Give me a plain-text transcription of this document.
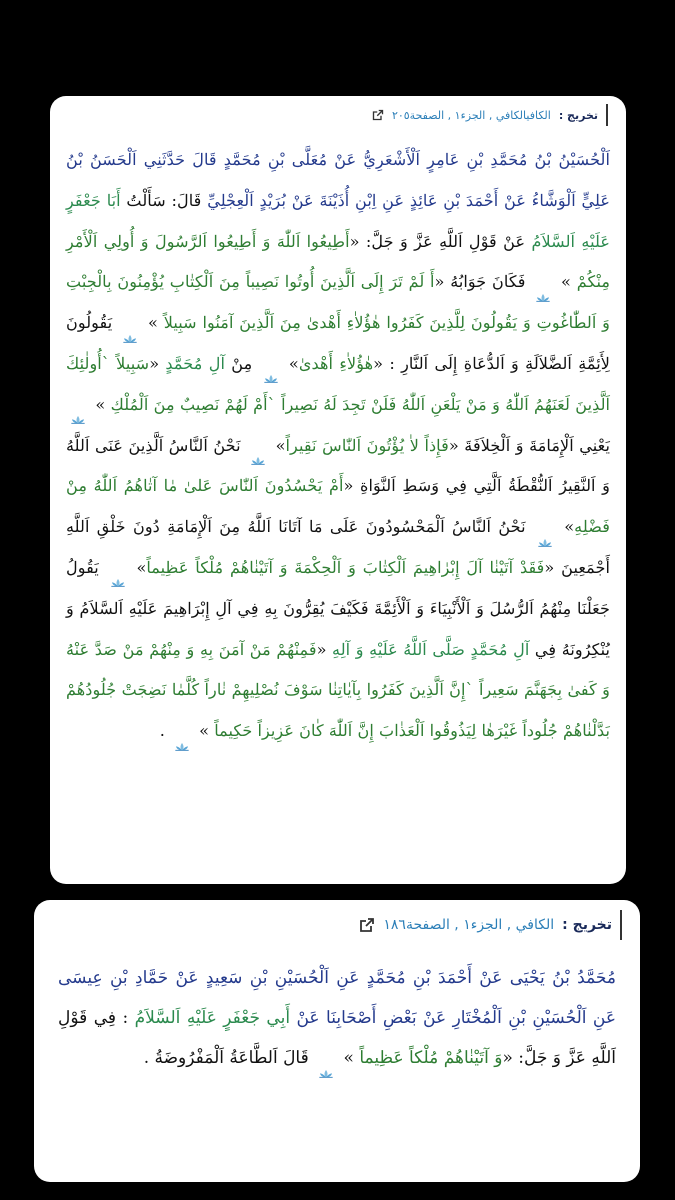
تخريج :
الكافيالكافي , الجزء١ , الصفحة٢٠٥
اَلْحُسَيْنُ بْنُ مُحَمَّدِ بْنِ عَامِرٍ اَلْأَشْعَرِيُّ عَنْ مُعَلَّى بْنِ مُحَمَّدٍ قَالَ حَدَّثَنِي اَلْحَسَنُ بْنُ عَلِيٍّ اَلْوَشَّاءُ عَنْ أَحْمَدَ بْنِ عَائِذٍ عَنِ اِبْنِ أُذَيْنَةَ عَنْ بُرَيْدٍ اَلْعِجْلِيِّ قَالَ: سَأَلْتُ أَبَا جَعْفَرٍ عَلَيْهِ اَلسَّلاَمُ عَنْ قَوْلِ اَللَّهِ عَزَّ وَ جَلَّ: «أَطِيعُوا اَللّٰهَ وَ أَطِيعُوا اَلرَّسُولَ وَ أُولِي اَلْأَمْرِ مِنْكُمْ »  فَكَانَ جَوَابُهُ «أَ لَمْ تَرَ إِلَى اَلَّذِينَ أُوتُوا نَصِيباً مِنَ اَلْكِتٰابِ يُؤْمِنُونَ بِالْجِبْتِ وَ اَلطّٰاغُوتِ وَ يَقُولُونَ لِلَّذِينَ كَفَرُوا هٰؤُلاٰءِ أَهْدىٰ مِنَ اَلَّذِينَ آمَنُوا سَبِيلاً »  يَقُولُونَ لِأَئِمَّةِ اَلضَّلاَلَةِ وَ اَلدُّعَاةِ إِلَى اَلنَّارِ : «هٰؤُلاٰءِ أَهْدىٰ»  مِنْ آلِ مُحَمَّدٍ «سَبِيلاً `أُولٰئِكَ اَلَّذِينَ لَعَنَهُمُ اَللّٰهُ وَ مَنْ يَلْعَنِ اَللّٰهُ فَلَنْ تَجِدَ لَهُ نَصِيراً `أَمْ لَهُمْ نَصِيبٌ مِنَ اَلْمُلْكِ »  يَعْنِي اَلْإِمَامَةَ وَ اَلْخِلاَفَةَ «فَإِذاً لاٰ يُؤْتُونَ اَلنّٰاسَ نَقِيراً»  نَحْنُ اَلنَّاسُ اَلَّذِينَ عَنَى اَللَّهُ وَ اَلنَّقِيرُ اَلنُّقْطَةُ اَلَّتِي فِي وَسَطِ اَلنَّوَاةِ «أَمْ يَحْسُدُونَ اَلنّٰاسَ عَلىٰ مٰا آتٰاهُمُ اَللّٰهُ مِنْ فَضْلِهِ»  نَحْنُ اَلنَّاسُ اَلْمَحْسُودُونَ عَلَى مَا آتَانَا اَللَّهُ مِنَ اَلْإِمَامَةِ دُونَ خَلْقِ اَللَّهِ أَجْمَعِينَ «فَقَدْ آتَيْنٰا آلَ إِبْرٰاهِيمَ اَلْكِتٰابَ وَ اَلْحِكْمَةَ وَ آتَيْنٰاهُمْ مُلْكاً عَظِيماً»  يَقُولُ جَعَلْنَا مِنْهُمُ اَلرُّسُلَ وَ اَلْأَنْبِيَاءَ وَ اَلْأَئِمَّةَ فَكَيْفَ يُقِرُّونَ بِهِ فِي آلِ إِبْرَاهِيمَ عَلَيْهِ اَلسَّلاَمُ وَ يُنْكِرُونَهُ فِي آلِ مُحَمَّدٍ صَلَّى اَللَّهُ عَلَيْهِ وَ آلِهِ «فَمِنْهُمْ مَنْ آمَنَ بِهِ وَ مِنْهُمْ مَنْ صَدَّ عَنْهُ وَ كَفىٰ بِجَهَنَّمَ سَعِيراً `إِنَّ اَلَّذِينَ كَفَرُوا بِآيٰاتِنٰا سَوْفَ نُصْلِيهِمْ نٰاراً كُلَّمٰا نَضِجَتْ جُلُودُهُمْ بَدَّلْنٰاهُمْ جُلُوداً غَيْرَهٰا لِيَذُوقُوا اَلْعَذٰابَ إِنَّ اَللّٰهَ كٰانَ عَزِيزاً حَكِيماً »  .
تخريج :
الكافي , الجزء١ , الصفحة١٨٦
مُحَمَّدُ بْنُ يَحْيَى عَنْ أَحْمَدَ بْنِ مُحَمَّدٍ عَنِ اَلْحُسَيْنِ بْنِ سَعِيدٍ عَنْ حَمَّادِ بْنِ عِيسَى عَنِ اَلْحُسَيْنِ بْنِ اَلْمُخْتَارِ عَنْ بَعْضِ أَصْحَابِنَا عَنْ أَبِي جَعْفَرٍ عَلَيْهِ اَلسَّلاَمُ : فِي قَوْلِ اَللَّهِ عَزَّ وَ جَلَّ: «وَ آتَيْنٰاهُمْ مُلْكاً عَظِيماً »  قَالَ اَلطَّاعَةُ اَلْمَفْرُوضَةُ .
